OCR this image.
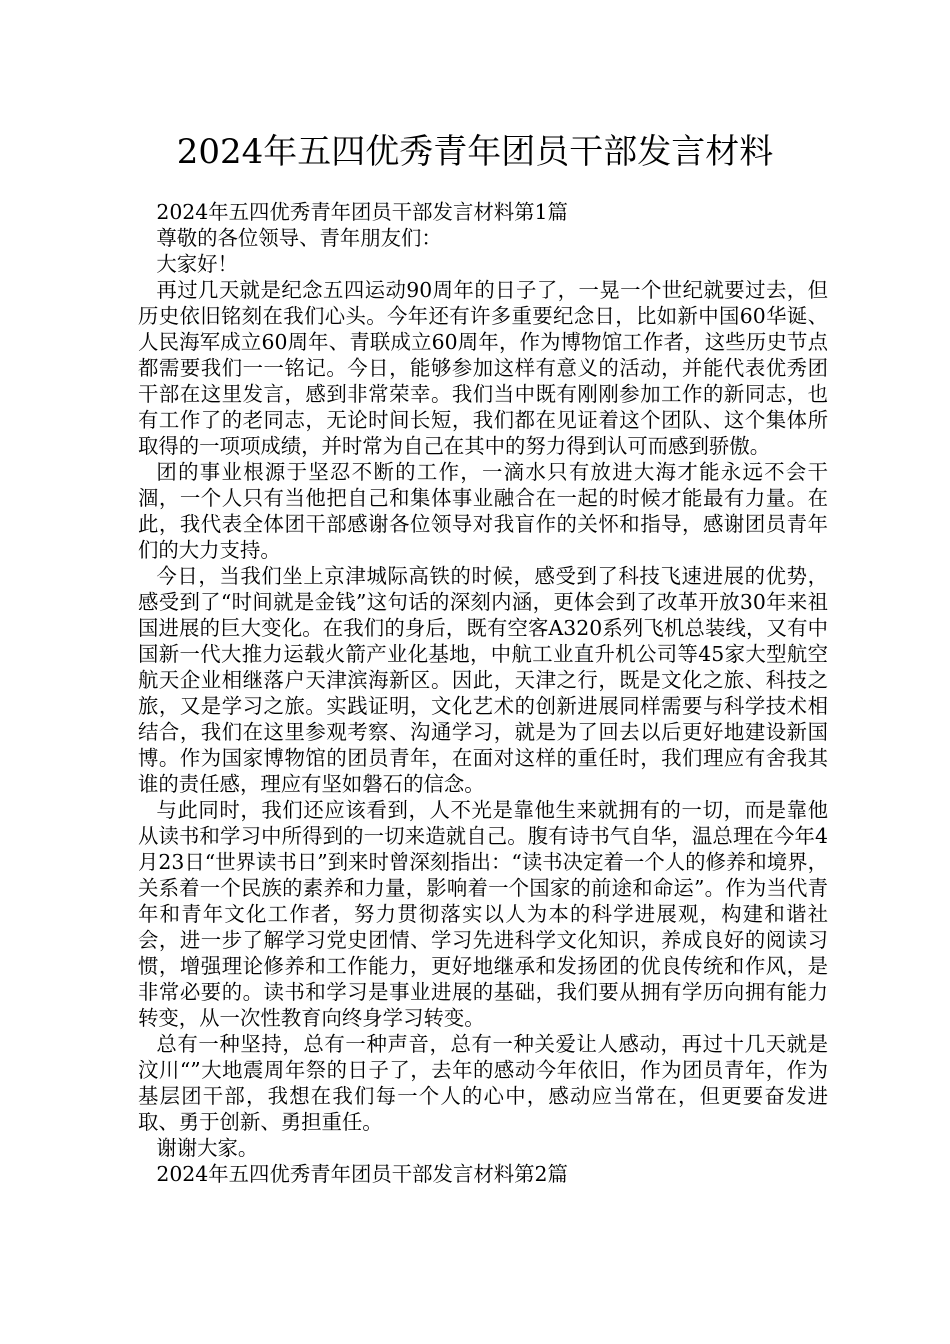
2024年五四优秀青年团员干部发言材料

2024年五四优秀青年团员干部发言材料第1篇

尊敬的各位领导、青年朋友们：

大家好！

再过几天就是纪念五四运动90周年的日子了，一晃一个世纪就要过去，但历史依旧铭刻在我们心头。今年还有许多重要纪念日，比如新中国60华诞、人民海军成立60周年、青联成立60周年，作为博物馆工作者，这些历史节点都需要我们一一铭记。今日，能够参加这样有意义的活动，并能代表优秀团干部在这里发言，感到非常荣幸。我们当中既有刚刚参加工作的新同志，也有工作了的老同志，无论时间长短，我们都在见证着这个团队、这个集体所取得的一项项成绩，并时常为自己在其中的努力得到认可而感到骄傲。

团的事业根源于坚忍不断的工作，一滴水只有放进大海才能永远不会干涸，一个人只有当他把自己和集体事业融合在一起的时候才能最有力量。在此，我代表全体团干部感谢各位领导对我盲作的关怀和指导，感谢团员青年们的大力支持。

今日，当我们坐上京津城际高铁的时候，感受到了科技飞速进展的优势，感受到了“时间就是金钱”这句话的深刻内涵，更体会到了改革开放30年来祖国进展的巨大变化。在我们的身后，既有空客A320系列飞机总装线，又有中国新一代大推力运载火箭产业化基地，中航工业直升机公司等45家大型航空航天企业相继落户天津滨海新区。因此，天津之行，既是文化之旅、科技之旅，又是学习之旅。实践证明，文化艺术的创新进展同样需要与科学技术相结合，我们在这里参观考察、沟通学习，就是为了回去以后更好地建设新国博。作为国家博物馆的团员青年，在面对这样的重任时，我们理应有舍我其谁的责任感，理应有坚如磐石的信念。

与此同时，我们还应该看到，人不光是靠他生来就拥有的一切，而是靠他从读书和学习中所得到的一切来造就自己。腹有诗书气自华，温总理在今年4月23日“世界读书日”到来时曾深刻指出：“读书决定着一个人的修养和境界，关系着一个民族的素养和力量，影响着一个国家的前途和命运”。作为当代青年和青年文化工作者，努力贯彻落实以人为本的科学进展观，构建和谐社会，进一步了解学习党史团情、学习先进科学文化知识，养成良好的阅读习惯，增强理论修养和工作能力，更好地继承和发扬团的优良传统和作风，是非常必要的。读书和学习是事业进展的基础，我们要从拥有学历向拥有能力转变，从一次性教育向终身学习转变。

总有一种坚持，总有一种声音，总有一种关爱让人感动，再过十几天就是汶川“”大地震周年祭的日子了，去年的感动今年依旧，作为团员青年，作为基层团干部，我想在我们每一个人的心中，感动应当常在，但更要奋发进取、勇于创新、勇担重任。

谢谢大家。

2024年五四优秀青年团员干部发言材料第2篇
